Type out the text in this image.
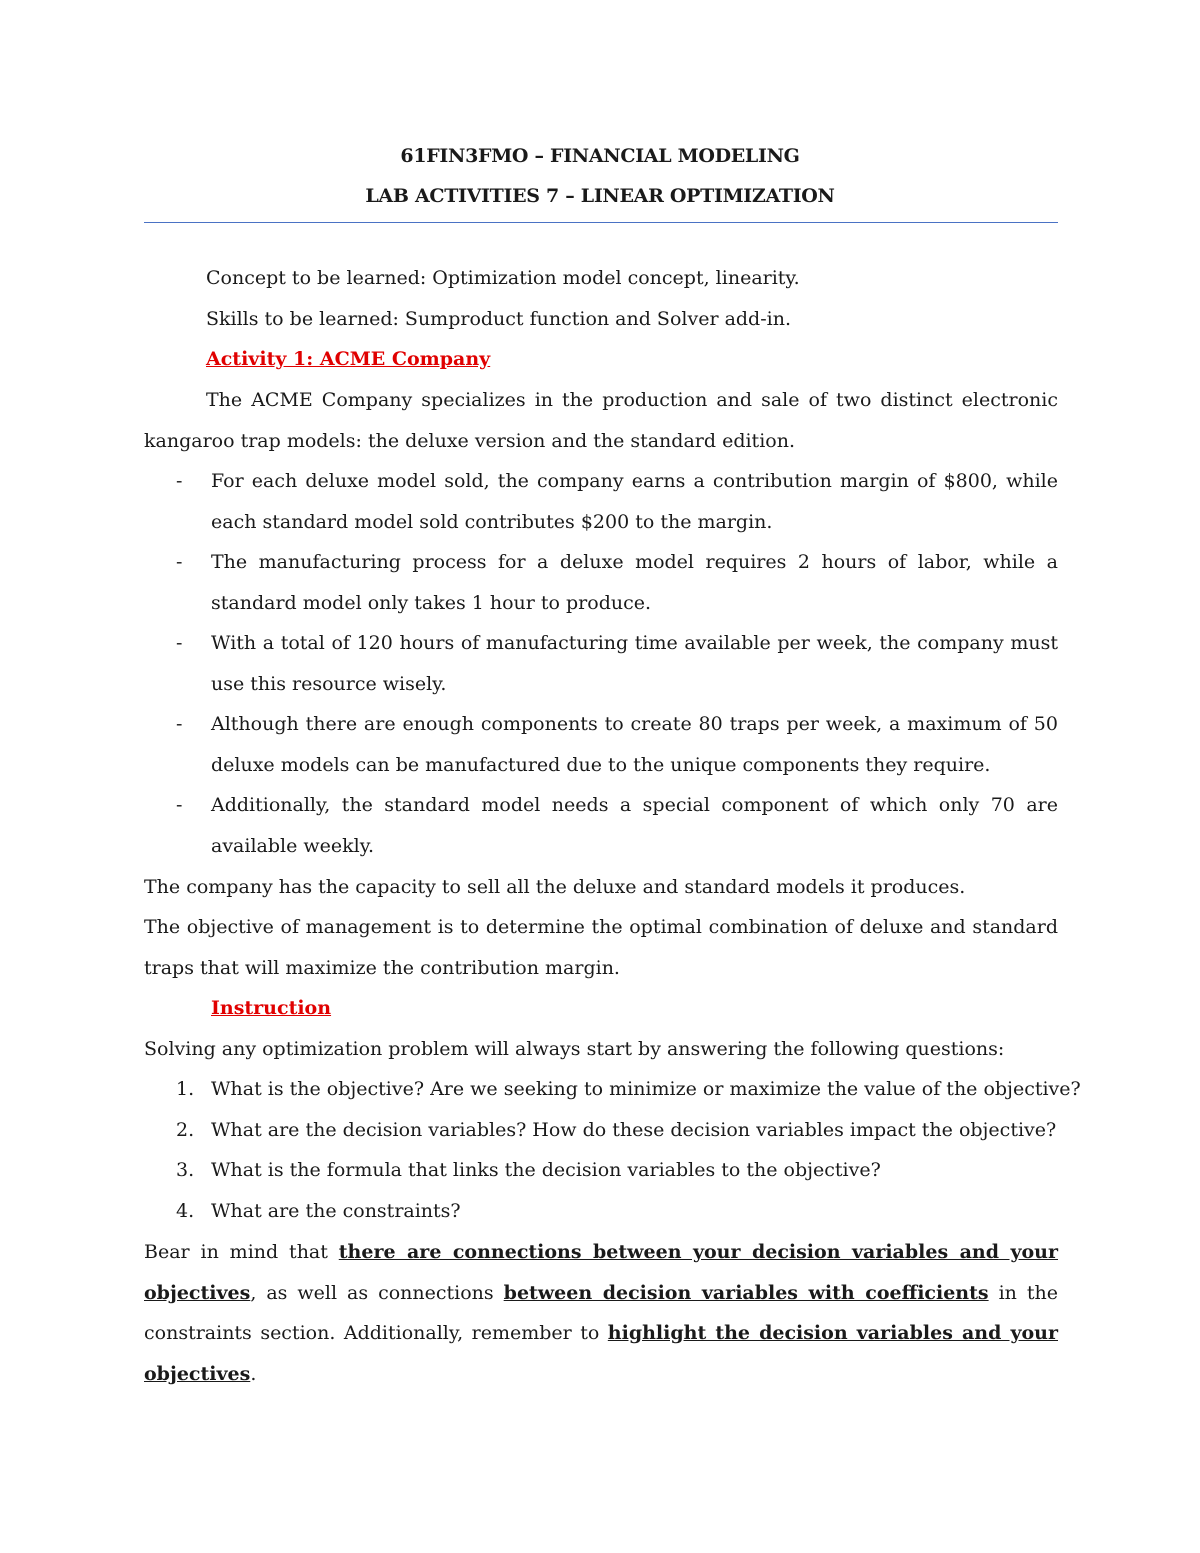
61FIN3FMO – FINANCIAL MODELING
LAB ACTIVITIES 7 – LINEAR OPTIMIZATION
Concept to be learned: Optimization model concept, linearity.
Skills to be learned: Sumproduct function and Solver add-in.
Activity 1: ACME Company
The ACME Company specializes in the production and sale of two distinct electronic kangaroo trap models: the deluxe version and the standard edition.
- For each deluxe model sold, the company earns a contribution margin of $800, while each standard model sold contributes $200 to the margin.
- The manufacturing process for a deluxe model requires 2 hours of labor, while a standard model only takes 1 hour to produce.
- With a total of 120 hours of manufacturing time available per week, the company must use this resource wisely.
- Although there are enough components to create 80 traps per week, a maximum of 50 deluxe models can be manufactured due to the unique components they require.
- Additionally, the standard model needs a special component of which only 70 are available weekly.
The company has the capacity to sell all the deluxe and standard models it produces.
The objective of management is to determine the optimal combination of deluxe and standard traps that will maximize the contribution margin.
Instruction
Solving any optimization problem will always start by answering the following questions:
1. What is the objective? Are we seeking to minimize or maximize the value of the objective?
2. What are the decision variables? How do these decision variables impact the objective?
3. What is the formula that links the decision variables to the objective?
4. What are the constraints?
Bear in mind that there are connections between your decision variables and your objectives, as well as connections between decision variables with coefficients in the constraints section. Additionally, remember to highlight the decision variables and your objectives.
